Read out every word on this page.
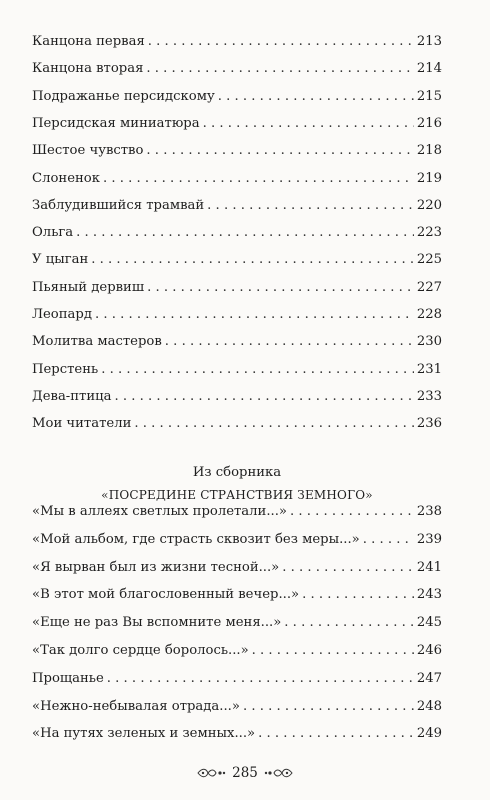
Канцона первая . . .	213
Канцона вторая . . .	214
Подражанье персидскому . . .	215
Персидская миниатюра . . .	216
Шестое чувство . . .	218
Слоненок . . .	219
Заблудившийся трамвай . . .	220
Ольга . . .	223
У цыган . . .	225
Пьяный дервиш . . .	227
Леопард . . .	228
Молитва мастеров . . .	230
Перстень . . .	231
Дева-птица . . .	233
Мои читатели . . .	236
Из сборника
«ПОСРЕДИНЕ СТРАНСТВИЯ ЗЕМНОГО»
«Мы в аллеях светлых пролетали...» . . .	238
«Мой альбом, где страсть сквозит без меры...» . . .	239
«Я вырван был из жизни тесной...» . . .	241
«В этот мой благословенный вечер...» . . .	243
«Еще не раз Вы вспомните меня...» . . .	245
«Так долго сердце боролось...» . . .	246
Прощанье . . .	247
«Нежно-небывалая отрада...» . . .	248
«На путях зеленых и земных...» . . .	249
285
